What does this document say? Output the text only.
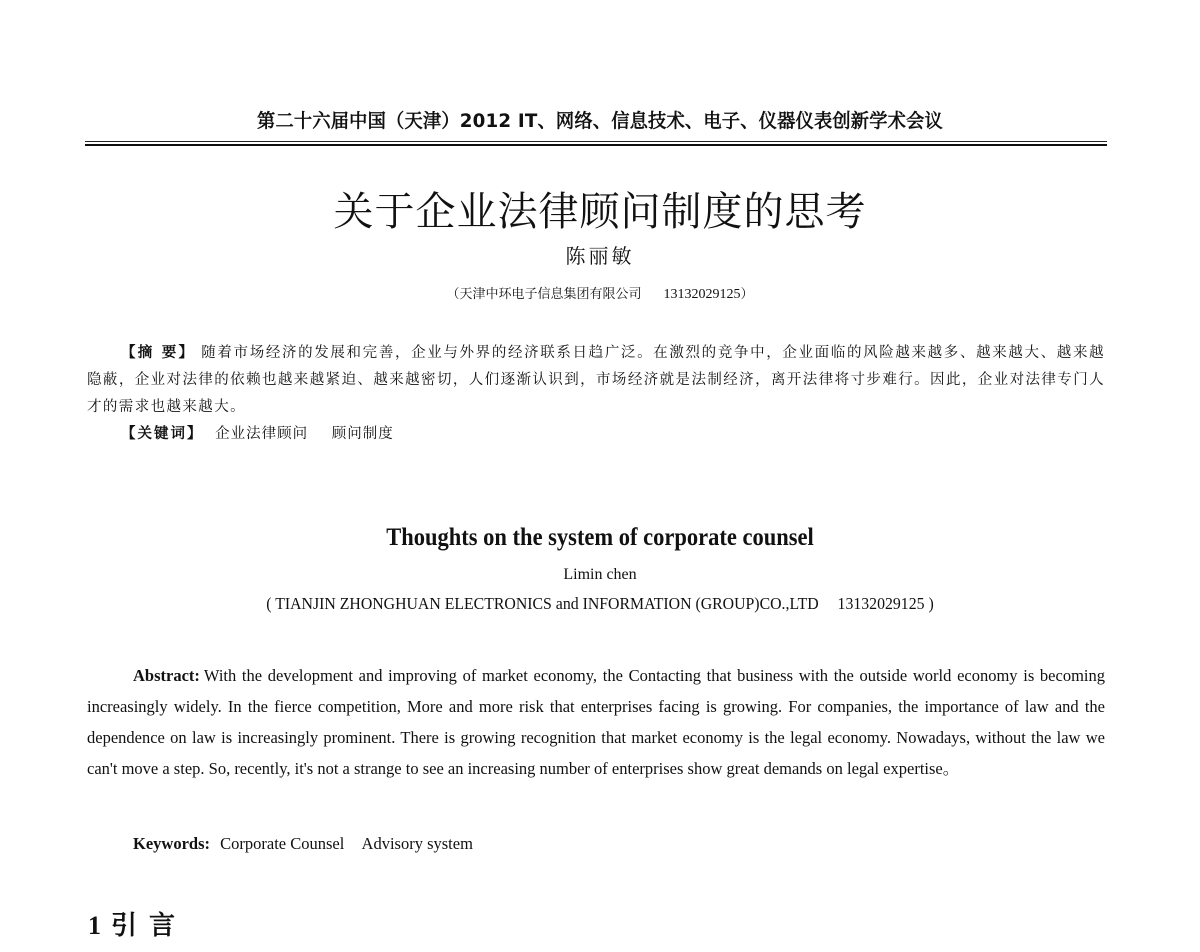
第二十六届中国（天津）2012 IT、网络、信息技术、电子、仪器仪表创新学术会议
关于企业法律顾问制度的思考
陈丽敏
（天津中环电子信息集团有限公司 13132029125）
【摘 要】 随着市场经济的发展和完善，企业与外界的经济联系日趋广泛。在激烈的竞争中，企业面临的风险越来越多、越来越大、越来越隐蔽，企业对法律的依赖也越来越紧迫、越来越密切，人们逐渐认识到，市场经济就是法制经济，离开法律将寸步难行。因此，企业对法律专门人才的需求也越来越大。
【关键词】 企业法律顾问 顾问制度
Thoughts on the system of corporate counsel
Limin chen
( TIANJIN ZHONGHUAN ELECTRONICS and INFORMATION (GROUP)CO.,LTD 13132029125 )
Abstract: With the development and improving of market economy, the Contacting that business with the outside world economy is becoming increasingly widely. In the fierce competition, More and more risk that enterprises facing is growing. For companies, the importance of law and the dependence on law is increasingly prominent. There is growing recognition that market economy is the legal economy. Nowadays, without the law we can't move a step. So, recently, it's not a strange to see an increasing number of enterprises show great demands on legal expertise。
Keywords: Corporate Counsel Advisory system
1 引言
